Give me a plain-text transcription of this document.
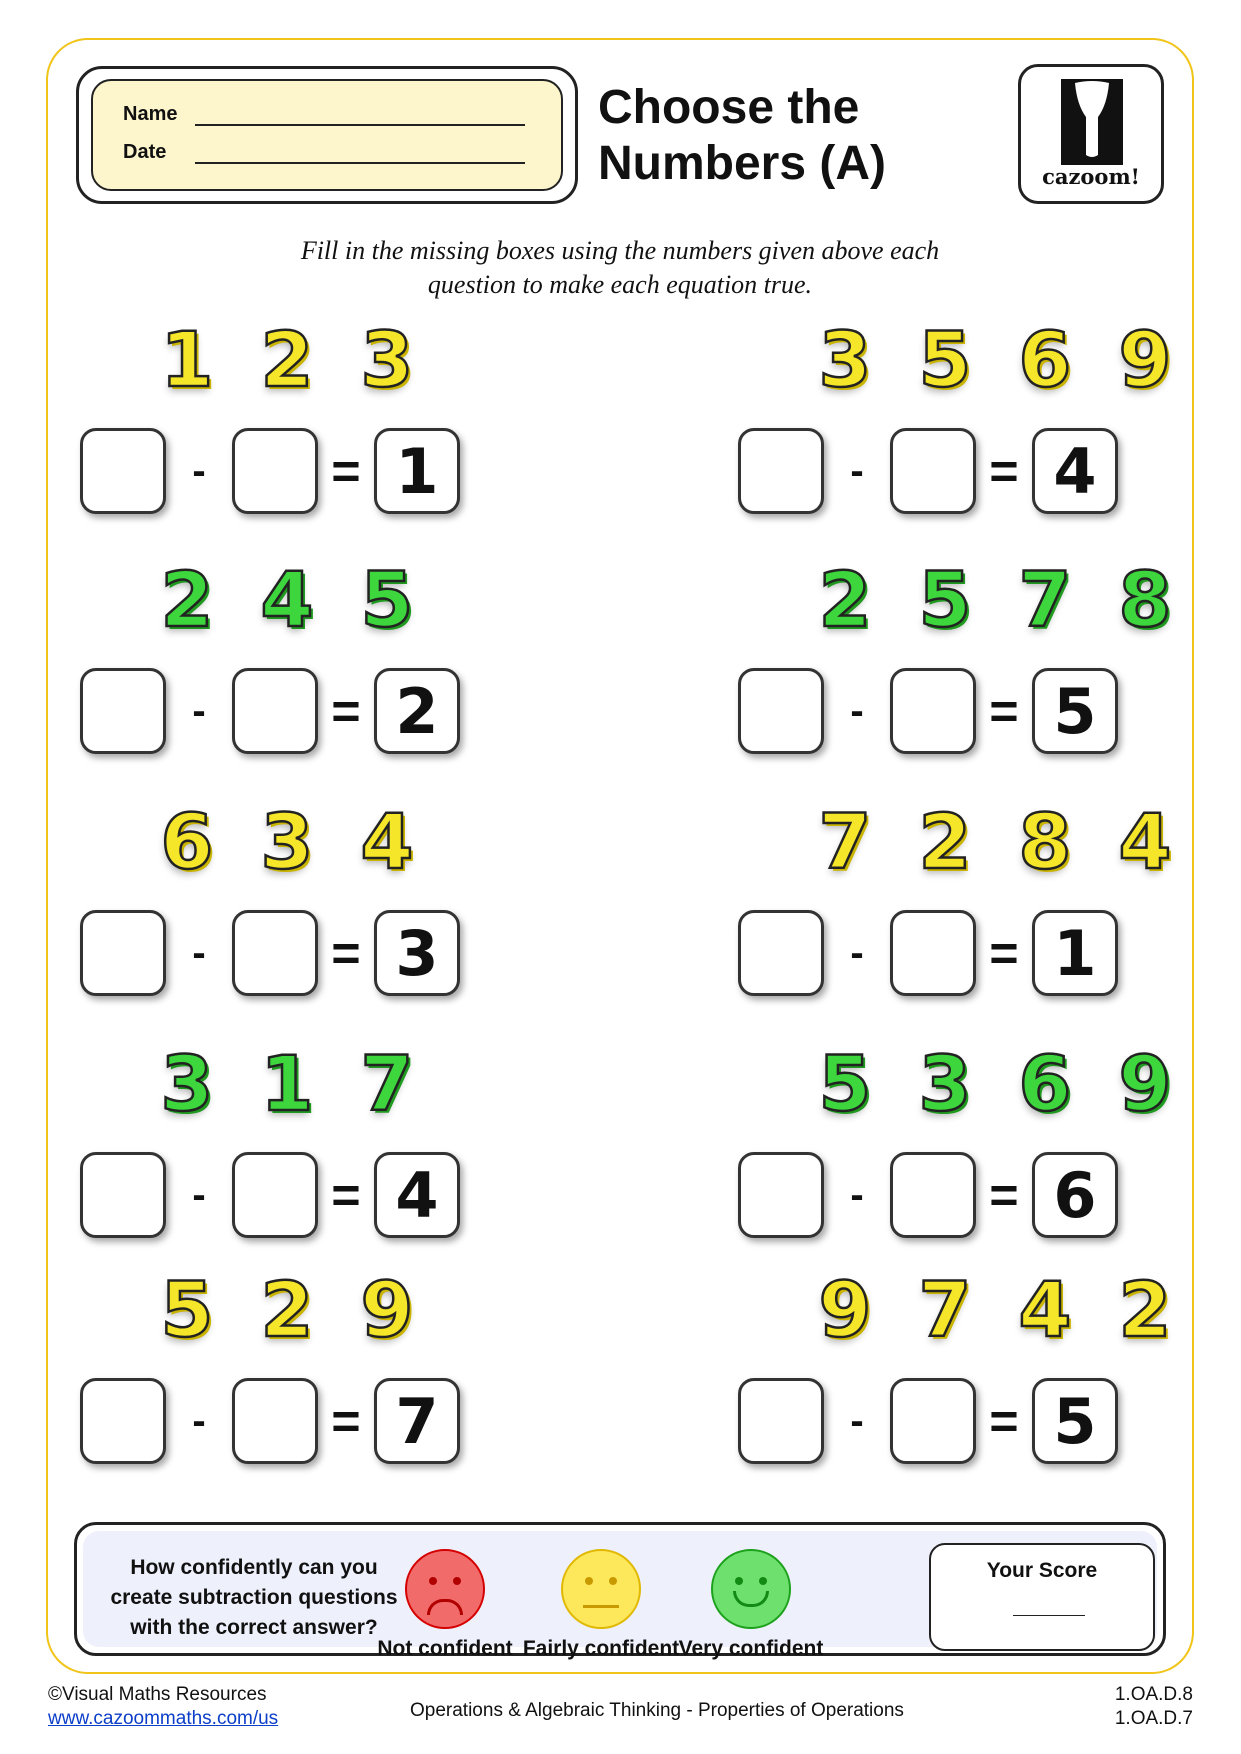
Name
Date
Choose the
Numbers (A)	cazoom!
Fill in the missing boxes using the numbers given above each
question to make each equation true.
1 2 3
-	= 1
3 5 6 9
-	= 4
2 4 5
-	= 2
2 5 7 8
-	= 5
6 3 4
-	= 3
7 2 8 4
-	= 1
3 1 7
-	= 4
5 3 6 9
-	= 6
5 2 9
-	= 7
9 7 4 2
-	= 5
How confidently can you
create subtraction questions
with the correct answer?
Not confident Fairly confident Very confident
Your Score
©Visual Maths Resources
www.cazoommaths.com/us	Operations & Algebraic Thinking - Properties of Operations
1.OA.D.8
1.OA.D.7
